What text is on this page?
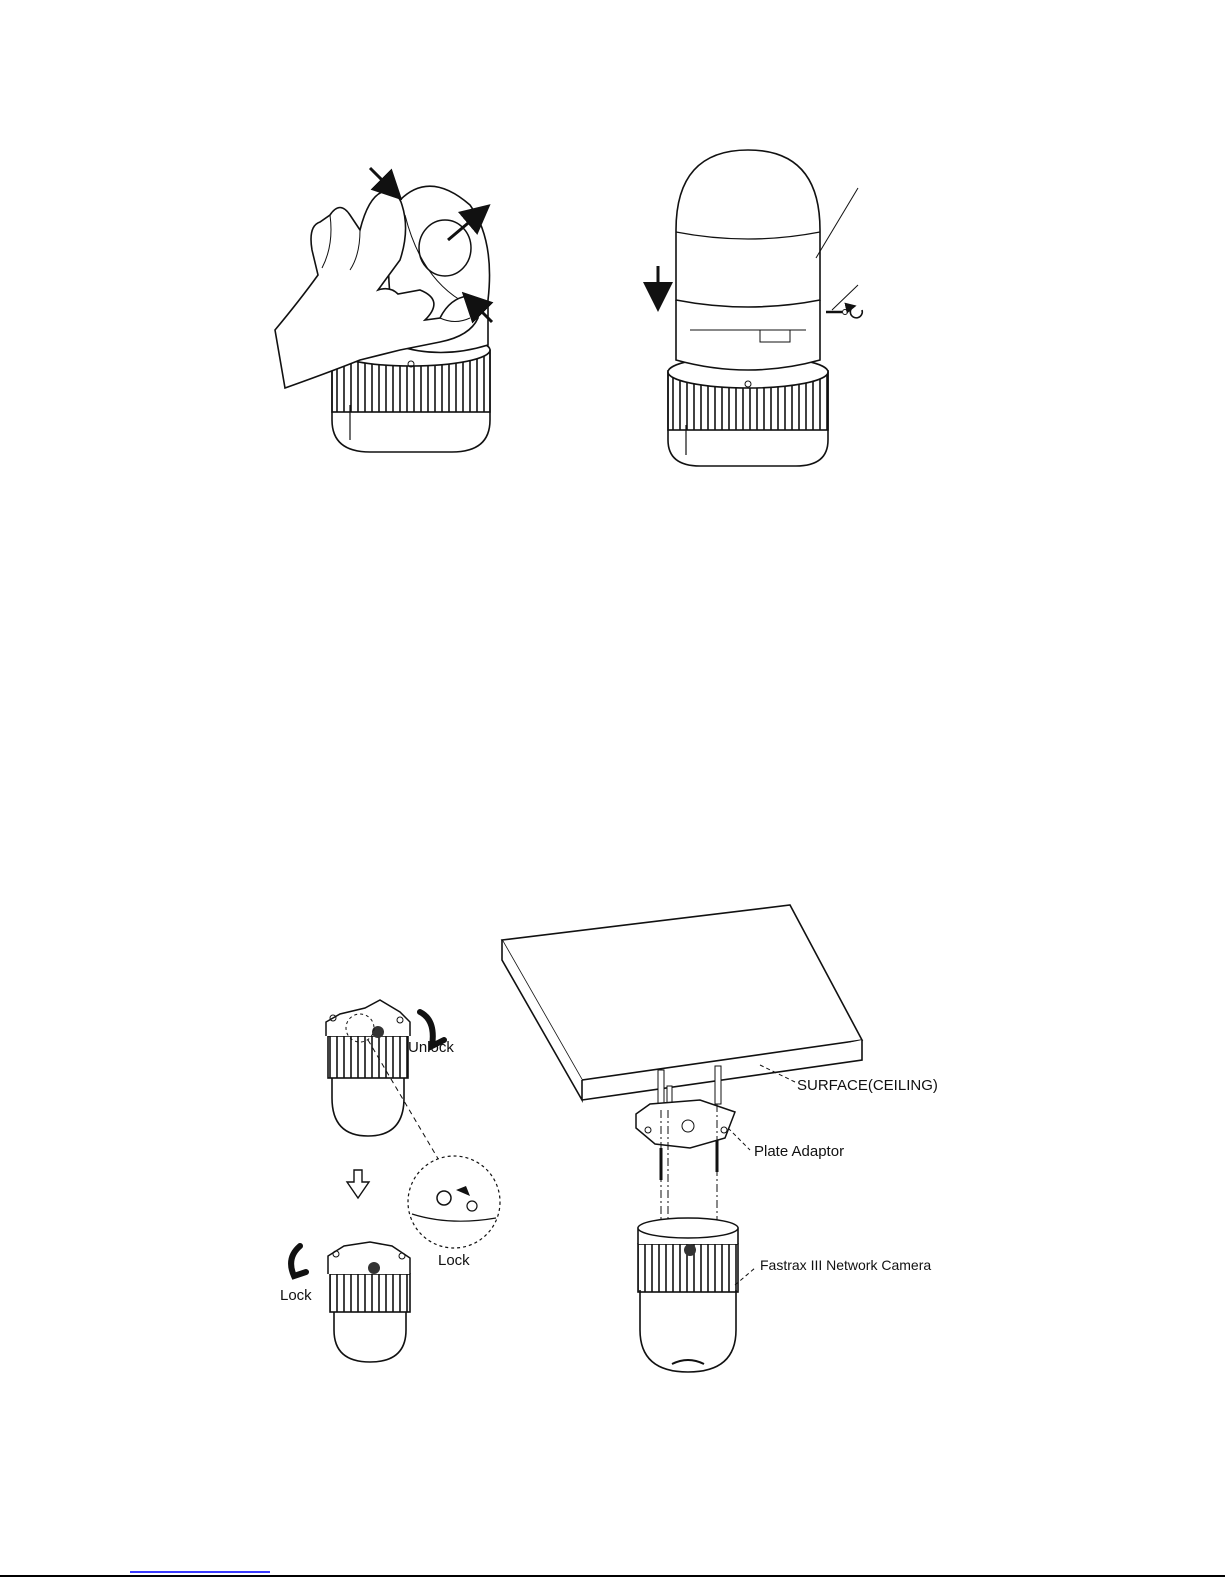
SURFACE(CEILING)
Plate Adaptor
Fastrax III Network Camera
Unlock
Lock
Lock
